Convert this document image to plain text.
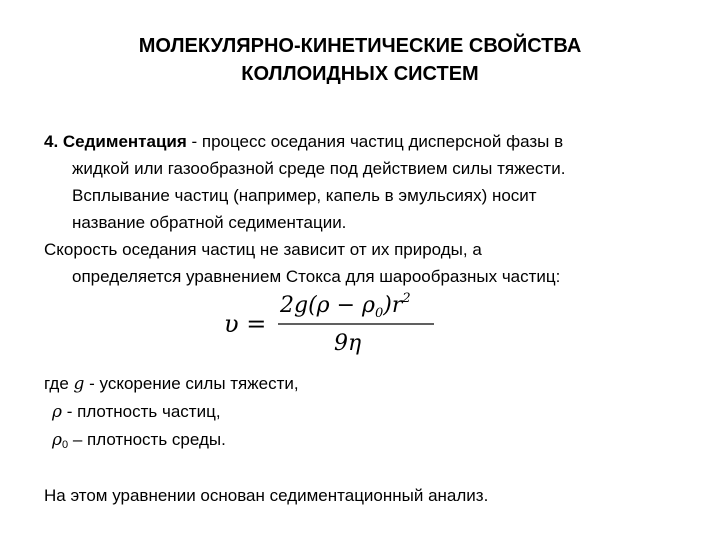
МОЛЕКУЛЯРНО-КИНЕТИЧЕСКИЕ СВОЙСТВА
КОЛЛОИДНЫХ СИСТЕМ
4. Седиментация - процесс оседания частиц дисперсной фазы в
жидкой или газообразной среде под действием силы тяжести.
Всплывание частиц (например, капель в эмульсиях) носит
название обратной седиментации.
Скорость оседания частиц не зависит от их природы, а
определяется уравнением Стокса для шарообразных частиц:
υ =
$2g(\rho - \rho_0)r^2$
9η
где g - ускорение силы тяжести,
ρ - плотность частиц,
$\rho_0$ – плотность среды.
На этом уравнении основан седиментационный анализ.
